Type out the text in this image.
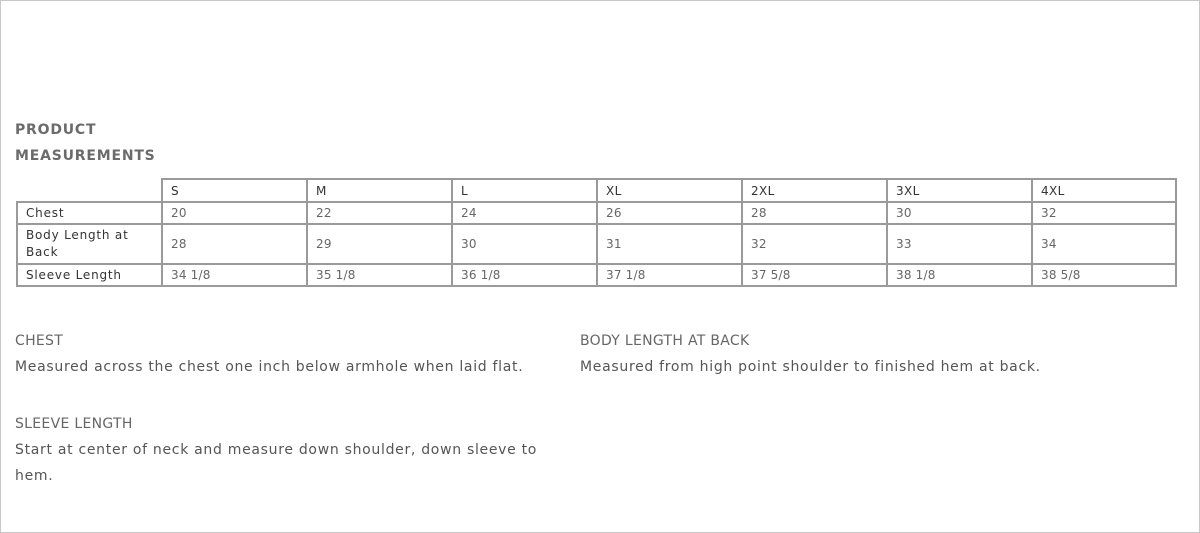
PRODUCT
MEASUREMENTS
	S	M	L	XL	2XL	3XL	4XL
Chest	20	22	24	26	28	30	32
Body Length at Back	28	29	30	31	32	33	34
Sleeve Length	34 1/8	35 1/8	36 1/8	37 1/8	37 5/8	38 1/8	38 5/8
CHEST
Measured across the chest one inch below armhole when laid flat.
BODY LENGTH AT BACK
Measured from high point shoulder to finished hem at back.
SLEEVE LENGTH
Start at center of neck and measure down shoulder, down sleeve to hem.
